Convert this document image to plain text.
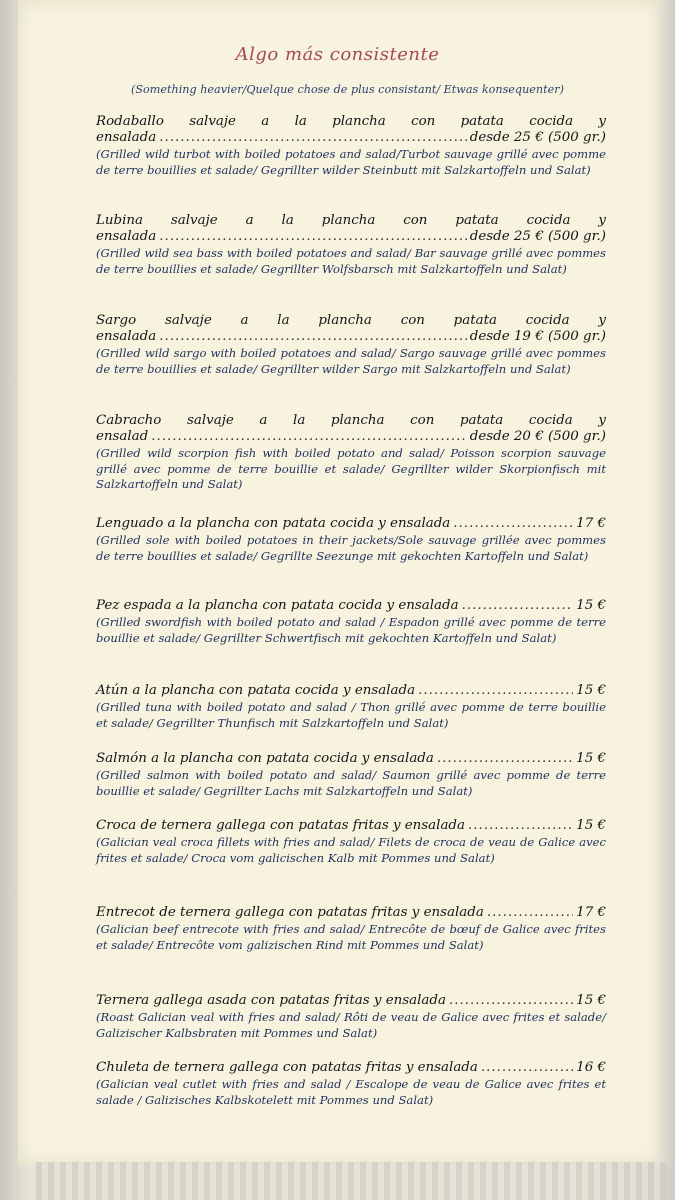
Algo más consistente
(Something heavier/Quelque chose de plus consistant/ Etwas konsequenter)
Rodaballo salvaje a la plancha con patata cocida y
ensalada .....	desde 25 € (500 gr.)
(Grilled wild turbot with boiled potatoes and salad/Turbot sauvage grillé avec pomme de terre bouillies et salade/ Gegrillter wilder Steinbutt mit Salzkartoffeln und Salat)
Lubina salvaje a la plancha con patata cocida y
ensalada .....	desde 25 € (500 gr.)
(Grilled wild sea bass with boiled potatoes and salad/ Bar sauvage grillé avec pommes de terre bouillies et salade/ Gegrillter Wolfsbarsch mit Salzkartoffeln und Salat)
Sargo salvaje a la plancha con patata cocida y
ensalada .....	desde 19 € (500 gr.)
(Grilled wild sargo with boiled potatoes and salad/ Sargo sauvage grillé avec pommes de terre bouillies et salade/ Gegrillter wilder Sargo mit Salzkartoffeln und Salat)
Cabracho salvaje a la plancha con patata cocida y
ensalad .....	desde 20 € (500 gr.)
(Grilled wild scorpion fish with boiled potato and salad/ Poisson scorpion sauvage grillé avec pomme de terre bouillie et salade/ Gegrillter wilder Skorpionfisch mit Salzkartoffeln und Salat)
Lenguado a la plancha con patata cocida y ensalada .....	17 €
(Grilled sole with boiled potatoes in their jackets/Sole sauvage grillée avec pommes de terre bouillies et salade/ Gegrillte Seezunge mit gekochten Kartoffeln und Salat)
Pez espada a la plancha con patata cocida y ensalada .....	15 €
(Grilled swordfish with boiled potato and salad / Espadon grillé avec pomme de terre bouillie et salade/ Gegrillter Schwertfisch mit gekochten Kartoffeln und Salat)
Atún a la plancha con patata cocida y ensalada .....	15 €
(Grilled tuna with boiled potato and salad / Thon grillé avec pomme de terre bouillie et salade/ Gegrillter Thunfisch mit Salzkartoffeln und Salat)
Salmón a la plancha con patata cocida y ensalada .....	15 €
(Grilled salmon with boiled potato and salad/ Saumon grillé avec pomme de terre bouillie et salade/ Gegrillter Lachs mit Salzkartoffeln und Salat)
Croca de ternera gallega con patatas fritas y ensalada .....	15 €
(Galician veal croca fillets with fries and salad/ Filets de croca de veau de Galice avec frites et salade/ Croca vom galicischen Kalb mit Pommes und Salat)
Entrecot de ternera gallega con patatas fritas y ensalada .....	17 €
(Galician beef entrecote with fries and salad/ Entrecôte de bœuf de Galice avec frites et salade/ Entrecôte vom galizischen Rind mit Pommes und Salat)
Ternera gallega asada con patatas fritas y ensalada .....	15 €
(Roast Galician veal with fries and salad/ Rôti de veau de Galice avec frites et salade/ Galizischer Kalbsbraten mit Pommes und Salat)
Chuleta de ternera gallega con patatas fritas y ensalada .....	16 €
(Galician veal cutlet with fries and salad / Escalope de veau de Galice avec frites et salade / Galizisches Kalbskotelett mit Pommes und Salat)
